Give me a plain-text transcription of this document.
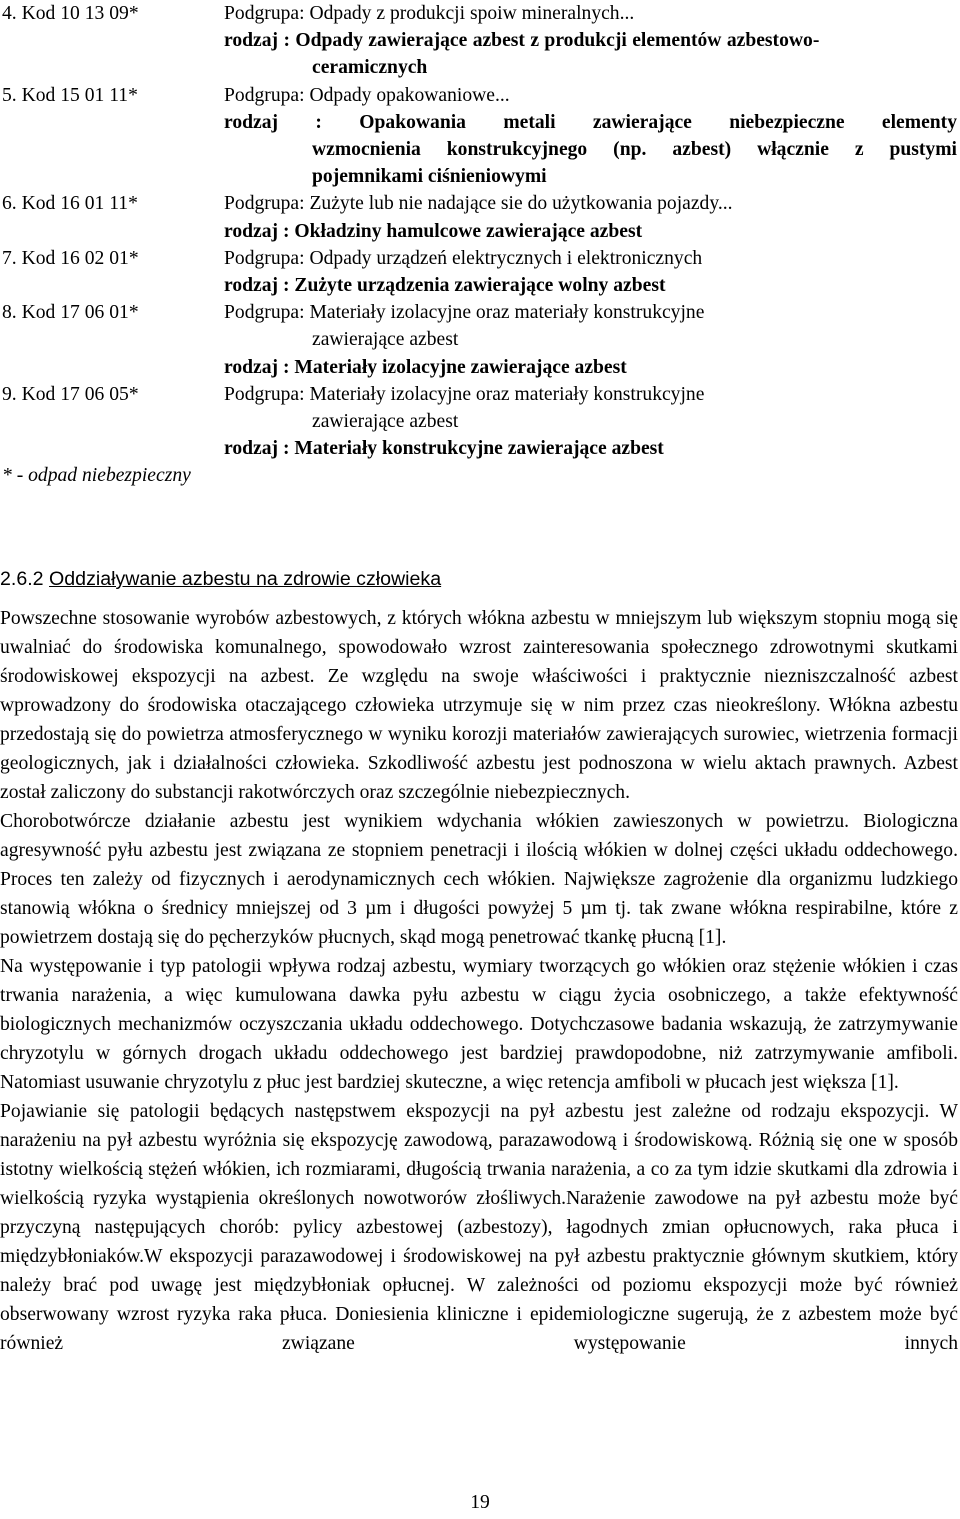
4. Kod 10 13 09*	Podgrupa: Odpady z produkcji spoiw mineralnych...
rodzaj : Odpady zawierające azbest z produkcji elementów azbestowo-
ceramicznych
5. Kod 15 01 11*	Podgrupa: Odpady opakowaniowe...
rodzaj : Opakowania metali zawierające niebezpieczne elementy
wzmocnienia konstrukcyjnego (np. azbest) włącznie z pustymi
pojemnikami ciśnieniowymi
6. Kod 16 01 11*	Podgrupa: Zużyte lub nie nadające sie do użytkowania pojazdy...
rodzaj : Okładziny hamulcowe zawierające azbest
7. Kod 16 02 01*	Podgrupa: Odpady urządzeń elektrycznych i elektronicznych
rodzaj : Zużyte urządzenia zawierające wolny azbest
8. Kod 17 06 01*	Podgrupa: Materiały izolacyjne oraz materiały konstrukcyjne
zawierające azbest
rodzaj : Materiały izolacyjne zawierające azbest
9. Kod 17 06 05*	Podgrupa: Materiały izolacyjne oraz materiały konstrukcyjne
zawierające azbest
rodzaj : Materiały konstrukcyjne zawierające azbest
* - odpad niebezpieczny
2.6.2 Oddziaływanie azbestu na zdrowie człowieka

Powszechne stosowanie wyrobów azbestowych, z których włókna azbestu w mniejszym lub większym stopniu mogą się uwalniać do środowiska komunalnego, spowodowało wzrost zainteresowania społecznego zdrowotnymi skutkami środowiskowej ekspozycji na azbest. Ze względu na swoje właściwości i praktycznie niezniszczalność azbest wprowadzony do środowiska otaczającego człowieka utrzymuje się w nim przez czas nieokreślony. Włókna azbestu przedostają się do powietrza atmosferycznego w wyniku korozji materiałów zawierających surowiec, wietrzenia formacji geologicznych, jak i działalności człowieka. Szkodliwość azbestu jest podnoszona w wielu aktach prawnych. Azbest został zaliczony do substancji rakotwórczych oraz szczególnie niebezpiecznych.

Chorobotwórcze działanie azbestu jest wynikiem wdychania włókien zawieszonych w powietrzu. Biologiczna agresywność pyłu azbestu jest związana ze stopniem penetracji i ilością włókien w dolnej części układu oddechowego. Proces ten zależy od fizycznych i aerodynamicznych cech włókien. Największe zagrożenie dla organizmu ludzkiego stanowią włókna o średnicy mniejszej od 3 µm i długości powyżej 5 µm tj. tak zwane włókna respirabilne, które z powietrzem dostają się do pęcherzyków płucnych, skąd mogą penetrować tkankę płucną [1].

Na występowanie i typ patologii wpływa rodzaj azbestu, wymiary tworzących go włókien oraz stężenie włókien i czas trwania narażenia, a więc kumulowana dawka pyłu azbestu w ciągu życia osobniczego, a także efektywność biologicznych mechanizmów oczyszczania układu oddechowego. Dotychczasowe badania wskazują, że zatrzymywanie chryzotylu w górnych drogach układu oddechowego jest bardziej prawdopodobne, niż zatrzymywanie amfiboli. Natomiast usuwanie chryzotylu z płuc jest bardziej skuteczne, a więc retencja amfiboli w płucach jest większa [1].

Pojawianie się patologii będących następstwem ekspozycji na pył azbestu jest zależne od rodzaju ekspozycji. W narażeniu na pył azbestu wyróżnia się ekspozycję zawodową, parazawodową i środowiskową. Różnią się one w sposób istotny wielkością stężeń włókien, ich rozmiarami, długością trwania narażenia, a co za tym idzie skutkami dla zdrowia i wielkością ryzyka wystąpienia określonych nowotworów złośliwych.Narażenie zawodowe na pył azbestu może być przyczyną następujących chorób: pylicy azbestowej (azbestozy), łagodnych zmian opłucnowych, raka płuca i międzybłoniaków.W ekspozycji parazawodowej i środowiskowej na pył azbestu praktycznie głównym skutkiem, który należy brać pod uwagę jest międzybłoniak opłucnej. W zależności od poziomu ekspozycji może być również obserwowany wzrost ryzyka raka płuca. Doniesienia kliniczne i epidemiologiczne sugerują, że z azbestem może być również związane występowanie innych

19
